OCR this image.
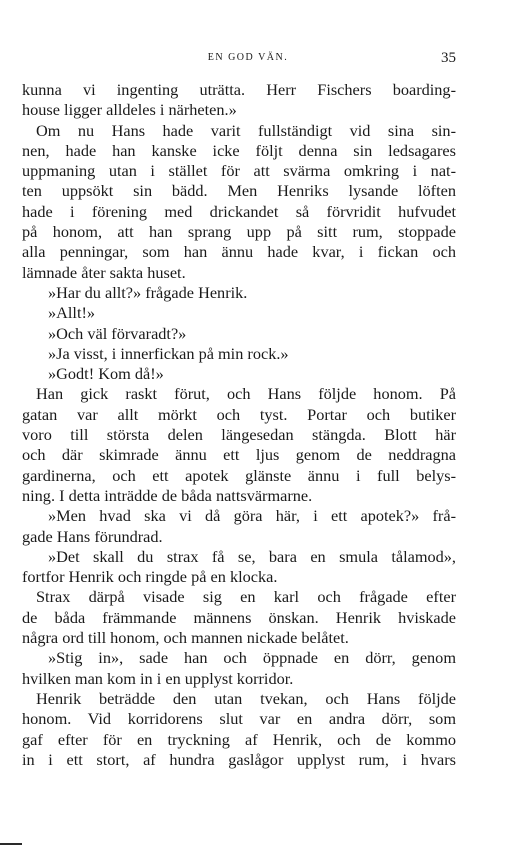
EN GOD VÄN.	35
kunna vi ingenting uträtta. Herr Fischers boarding-
house ligger alldeles i närheten.»
Om nu Hans hade varit fullständigt vid sina sin-
nen, hade han kanske icke följt denna sin ledsagares
uppmaning utan i stället för att svärma omkring i nat-
ten uppsökt sin bädd. Men Henriks lysande löften
hade i förening med drickandet så förvridit hufvudet
på honom, att han sprang upp på sitt rum, stoppade
alla penningar, som han ännu hade kvar, i fickan och
lämnade åter sakta huset.
»Har du allt?» frågade Henrik.
»Allt!»
»Och väl förvaradt?»
»Ja visst, i innerfickan på min rock.»
»Godt! Kom då!»
Han gick raskt förut, och Hans följde honom. På
gatan var allt mörkt och tyst. Portar och butiker
voro till största delen längesedan stängda. Blott här
och där skimrade ännu ett ljus genom de neddragna
gardinerna, och ett apotek glänste ännu i full belys-
ning. I detta inträdde de båda nattsvärmarne.
»Men hvad ska vi då göra här, i ett apotek?» frå-
gade Hans förundrad.
»Det skall du strax få se, bara en smula tålamod»,
fortfor Henrik och ringde på en klocka.
Strax därpå visade sig en karl och frågade efter
de båda främmande männens önskan. Henrik hviskade
några ord till honom, och mannen nickade belåtet.
»Stig in», sade han och öppnade en dörr, genom
hvilken man kom in i en upplyst korridor.
Henrik beträdde den utan tvekan, och Hans följde
honom. Vid korridorens slut var en andra dörr, som
gaf efter för en tryckning af Henrik, och de kommo
in i ett stort, af hundra gaslågor upplyst rum, i hvars
